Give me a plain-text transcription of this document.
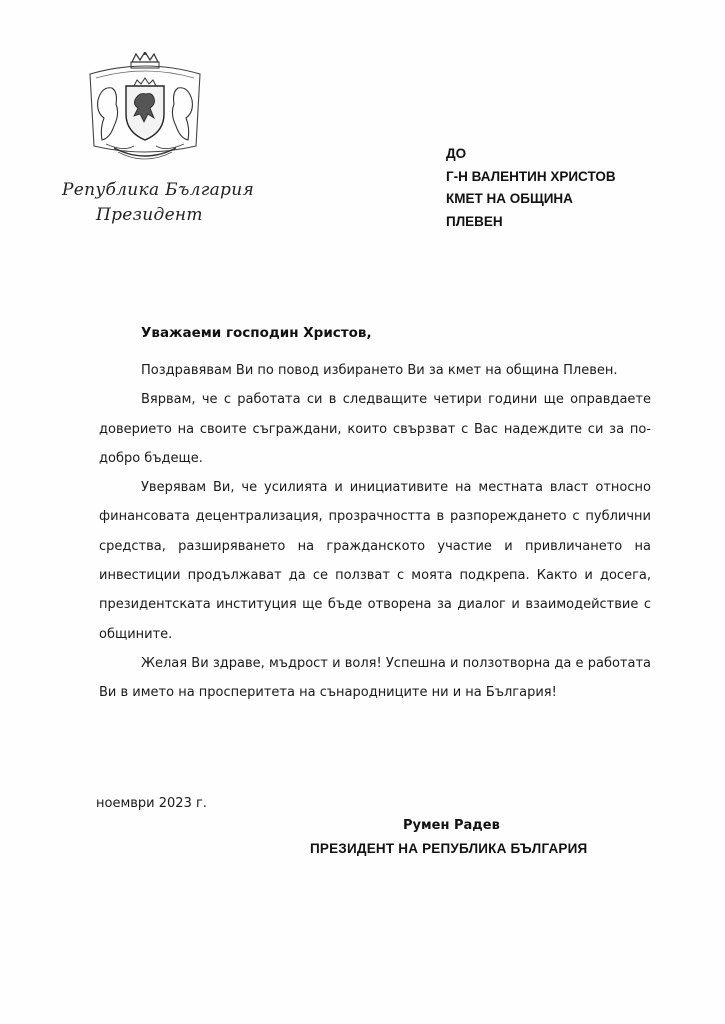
Република България
Президент
ДО
Г-Н ВАЛЕНТИН ХРИСТОВ
КМЕТ НА ОБЩИНА
ПЛЕВЕН
Уважаеми господин Христов,

Поздравявам Ви по повод избирането Ви за кмет на община Плевен.

Вярвам, че с работата си в следващите четири години ще оправдаете доверието на своите съграждани, които свързват с Вас надеждите си за по-добро бъдеще.

Уверявам Ви, че усилията и инициативите на местната власт относно финансовата децентрализация, прозрачността в разпореждането с публични средства, разширяването на гражданското участие и привличането на инвестиции продължават да се ползват с моята подкрепа. Както и досега, президентската институция ще бъде отворена за диалог и взаимодействие с общините.

Желая Ви здраве, мъдрост и воля! Успешна и ползотворна да е работата Ви в името на просперитета на сънародниците ни и на България!

ноември 2023 г.
Румен Радев
ПРЕЗИДЕНТ НА РЕПУБЛИКА БЪЛГАРИЯ
